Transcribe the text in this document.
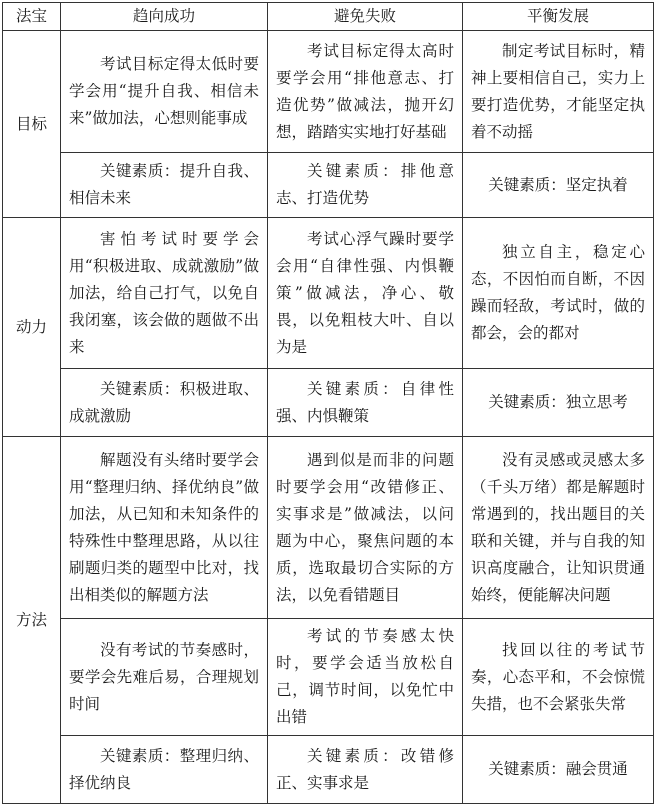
法宝	趋向成功	避免失败	平衡发展
目标	考试目标定得太低时要学会用“提升自我、相信未来”做加法，心想则能事成	考试目标定得太高时要学会用“排他意志、打造优势”做减法，抛开幻想，踏踏实实地打好基础	制定考试目标时，精神上要相信自己，实力上要打造优势，才能坚定执着不动摇
	关键素质：提升自我、相信未来	关键素质：排他意志、打造优势	关键素质：坚定执着
动力	害怕考试时要学会用“积极进取、成就激励”做加法，给自己打气，以免自我闭塞，该会做的题做不出来	考试心浮气躁时要学会用“自律性强、内惧鞭策”做减法，净心、敬畏，以免粗枝大叶、自以为是	独立自主，稳定心态，不因怕而自断，不因躁而轻敌，考试时，做的都会，会的都对
	关键素质：积极进取、成就激励	关键素质：自律性强、内惧鞭策	关键素质：独立思考
方法	解题没有头绪时要学会用“整理归纳、择优纳良”做加法，从已知和未知条件的特殊性中整理思路，从以往刷题归类的题型中比对，找出相类似的解题方法	遇到似是而非的问题时要学会用“改错修正、实事求是”做减法，以问题为中心，聚焦问题的本质，选取最切合实际的方法，以免看错题目	没有灵感或灵感太多（千头万绪）都是解题时常遇到的，找出题目的关联和关键，并与自我的知识高度融合，让知识贯通始终，便能解决问题
	没有考试的节奏感时，要学会先难后易，合理规划时间	考试的节奏感太快时，要学会适当放松自己，调节时间，以免忙中出错	找回以往的考试节奏，心态平和，不会惊慌失措，也不会紧张失常
	关键素质：整理归纳、择优纳良	关键素质：改错修正、实事求是	关键素质：融会贯通
